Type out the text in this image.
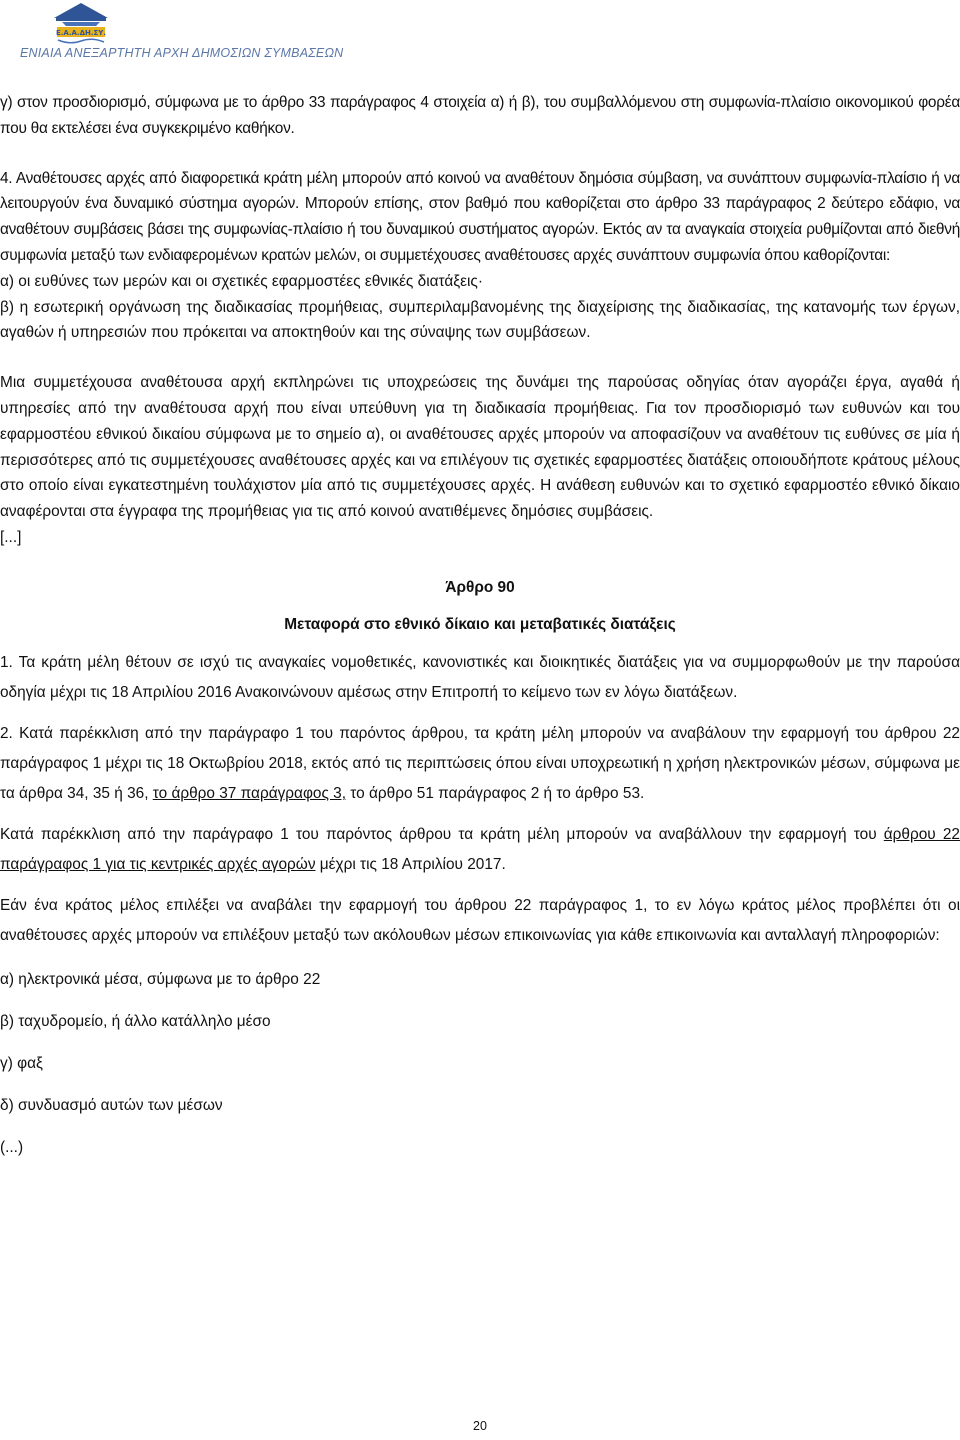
Ε.Α.Α.ΔΗ.ΣΥ.
ΕΝΙΑΙΑ ΑΝΕΞΑΡΤΗΤΗ ΑΡΧΗ ΔΗΜΟΣΙΩΝ ΣΥΜΒΑΣΕΩΝ

γ) στον προσδιορισμό, σύμφωνα με το άρθρο 33 παράγραφος 4 στοιχεία α) ή β), του συμβαλλόμενου στη συμφωνία-πλαίσιο οικονομικού φορέα που θα εκτελέσει ένα συγκεκριμένο καθήκον.

4. Αναθέτουσες αρχές από διαφορετικά κράτη μέλη μπορούν από κοινού να αναθέτουν δημόσια σύμβαση, να συνάπτουν συμφωνία-πλαίσιο ή να λειτουργούν ένα δυναμικό σύστημα αγορών. Μπορούν επίσης, στον βαθμό που καθορίζεται στο άρθρο 33 παράγραφος 2 δεύτερο εδάφιο, να αναθέτουν συμβάσεις βάσει της συμφωνίας-πλαίσιο ή του δυναμικού συστήματος αγορών. Εκτός αν τα αναγκαία στοιχεία ρυθμίζονται από διεθνή συμφωνία μεταξύ των ενδιαφερομένων κρατών μελών, οι συμμετέχουσες αναθέτουσες αρχές συνάπτουν συμφωνία όπου καθορίζονται:

α) οι ευθύνες των μερών και οι σχετικές εφαρμοστέες εθνικές διατάξεις·

β) η εσωτερική οργάνωση της διαδικασίας προμήθειας, συμπεριλαμβανομένης της διαχείρισης της διαδικασίας, της κατανομής των έργων, αγαθών ή υπηρεσιών που πρόκειται να αποκτηθούν και της σύναψης των συμβάσεων.

Μια συμμετέχουσα αναθέτουσα αρχή εκπληρώνει τις υποχρεώσεις της δυνάμει της παρούσας οδηγίας όταν αγοράζει έργα, αγαθά ή υπηρεσίες από την αναθέτουσα αρχή που είναι υπεύθυνη για τη διαδικασία προμήθειας. Για τον προσδιορισμό των ευθυνών και του εφαρμοστέου εθνικού δικαίου σύμφωνα με το σημείο α), οι αναθέτουσες αρχές μπορούν να αποφασίζουν να αναθέτουν τις ευθύνες σε μία ή περισσότερες από τις συμμετέχουσες αναθέτουσες αρχές και να επιλέγουν τις σχετικές εφαρμοστέες διατάξεις οποιουδήποτε κράτους μέλους στο οποίο είναι εγκατεστημένη τουλάχιστον μία από τις συμμετέχουσες αρχές. Η ανάθεση ευθυνών και το σχετικό εφαρμοστέο εθνικό δίκαιο αναφέρονται στα έγγραφα της προμήθειας για τις από κοινού ανατιθέμενες δημόσιες συμβάσεις.

[...]

Άρθρο 90

Μεταφορά στο εθνικό δίκαιο και μεταβατικές διατάξεις

1. Τα κράτη μέλη θέτουν σε ισχύ τις αναγκαίες νομοθετικές, κανονιστικές και διοικητικές διατάξεις για να συμμορφωθούν με την παρούσα οδηγία μέχρι τις 18 Απριλίου 2016 Ανακοινώνουν αμέσως στην Επιτροπή το κείμενο των εν λόγω διατάξεων.

2. Κατά παρέκκλιση από την παράγραφο 1 του παρόντος άρθρου, τα κράτη μέλη μπορούν να αναβάλουν την εφαρμογή του άρθρου 22 παράγραφος 1 μέχρι τις 18 Οκτωβρίου 2018, εκτός από τις περιπτώσεις όπου είναι υποχρεωτική η χρήση ηλεκτρονικών μέσων, σύμφωνα με τα άρθρα 34, 35 ή 36, το άρθρο 37 παράγραφος 3, το άρθρο 51 παράγραφος 2 ή το άρθρο 53.

Κατά παρέκκλιση από την παράγραφο 1 του παρόντος άρθρου τα κράτη μέλη μπορούν να αναβάλλουν την εφαρμογή του άρθρου 22 παράγραφος 1 για τις κεντρικές αρχές αγορών μέχρι τις 18 Απριλίου 2017.

Εάν ένα κράτος μέλος επιλέξει να αναβάλει την εφαρμογή του άρθρου 22 παράγραφος 1, το εν λόγω κράτος μέλος προβλέπει ότι οι αναθέτουσες αρχές μπορούν να επιλέξουν μεταξύ των ακόλουθων μέσων επικοινωνίας για κάθε επικοινωνία και ανταλλαγή πληροφοριών:

α) ηλεκτρονικά μέσα, σύμφωνα με το άρθρο 22

β) ταχυδρομείο, ή άλλο κατάλληλο μέσο

γ) φαξ

δ) συνδυασμό αυτών των μέσων

(...)

20
